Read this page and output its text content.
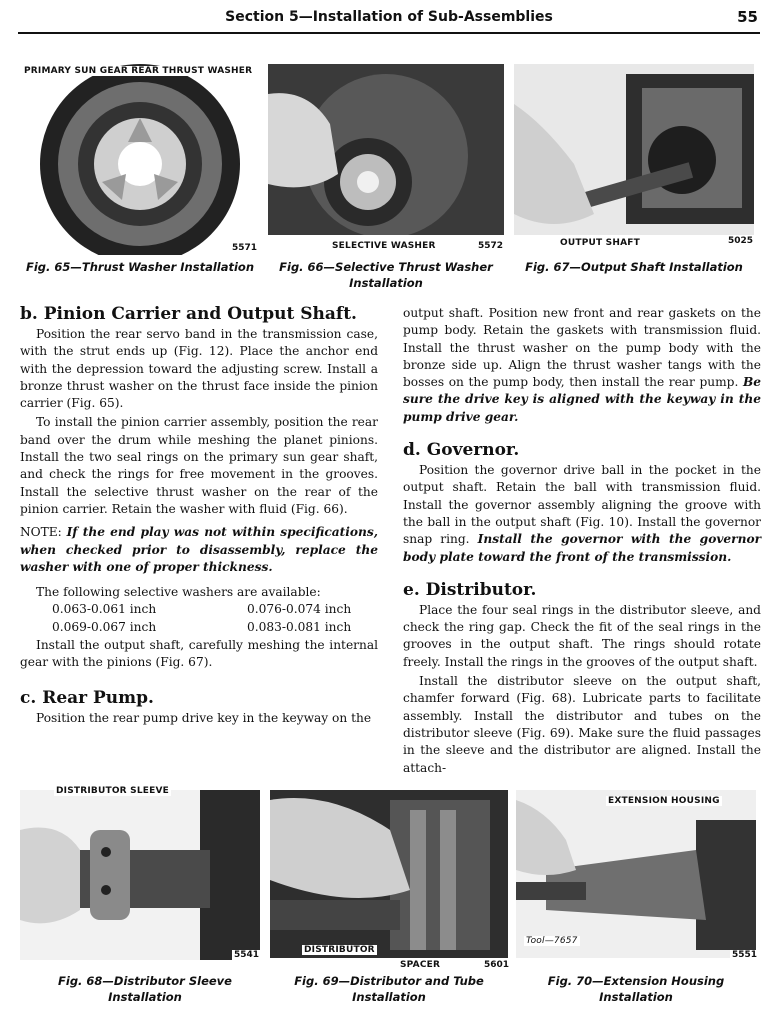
Section 5—Installation of Sub-Assemblies	55
PRIMARY SUN GEAR REAR THRUST WASHER
5571
Fig. 65—Thrust Washer Installation
SELECTIVE WASHER	5572
Fig. 66—Selective Thrust Washer
Installation
OUTPUT SHAFT	5025
Fig. 67—Output Shaft Installation
b. Pinion Carrier and Output Shaft.

Position the rear servo band in the transmission case, with the strut ends up (Fig. 12). Place the anchor end with the depression toward the adjusting screw. Install a bronze thrust washer on the thrust face inside the pinion carrier (Fig. 65).

To install the pinion carrier assembly, position the rear band over the drum while meshing the planet pinions. Install the two seal rings on the primary sun gear shaft, and check the rings for free movement in the grooves. Install the selective thrust washer on the rear of the pinion carrier. Retain the washer with fluid (Fig. 66).

NOTE: If the end play was not within specifications, when checked prior to disassembly, replace the washer with one of proper thickness.

The following selective washers are available:

0.063-0.061 inch	0.076-0.074 inch
0.069-0.067 inch	0.083-0.081 inch

Install the output shaft, carefully meshing the internal gear with the pinions (Fig. 67).

c. Rear Pump.

Position the rear pump drive key in the keyway on the

output shaft. Position new front and rear gaskets on the pump body. Retain the gaskets with transmission fluid. Install the thrust washer on the pump body with the bronze side up. Align the thrust washer tangs with the bosses on the pump body, then install the rear pump. Be sure the drive key is aligned with the keyway in the pump drive gear.

d. Governor.

Position the governor drive ball in the pocket in the output shaft. Retain the ball with transmission fluid. Install the governor assembly aligning the groove with the ball in the output shaft (Fig. 10). Install the governor snap ring. Install the governor with the governor body plate toward the front of the transmission.

e. Distributor.

Place the four seal rings in the distributor sleeve, and check the ring gap. Check the fit of the seal rings in the grooves in the output shaft. The rings should rotate freely. Install the rings in the grooves of the output shaft.

Install the distributor sleeve on the output shaft, chamfer forward (Fig. 68). Lubricate parts to facilitate assembly. Install the distributor and tubes on the distributor sleeve (Fig. 69). Make sure the fluid passages in the sleeve and the distributor are aligned. Install the attach-

DISTRIBUTOR SLEEVE
5541
Fig. 68—Distributor Sleeve Installation
DISTRIBUTOR
SPACER	5601
Fig. 69—Distributor and Tube
Installation
EXTENSION HOUSING
Tool—7657
5551
Fig. 70—Extension Housing
Installation
